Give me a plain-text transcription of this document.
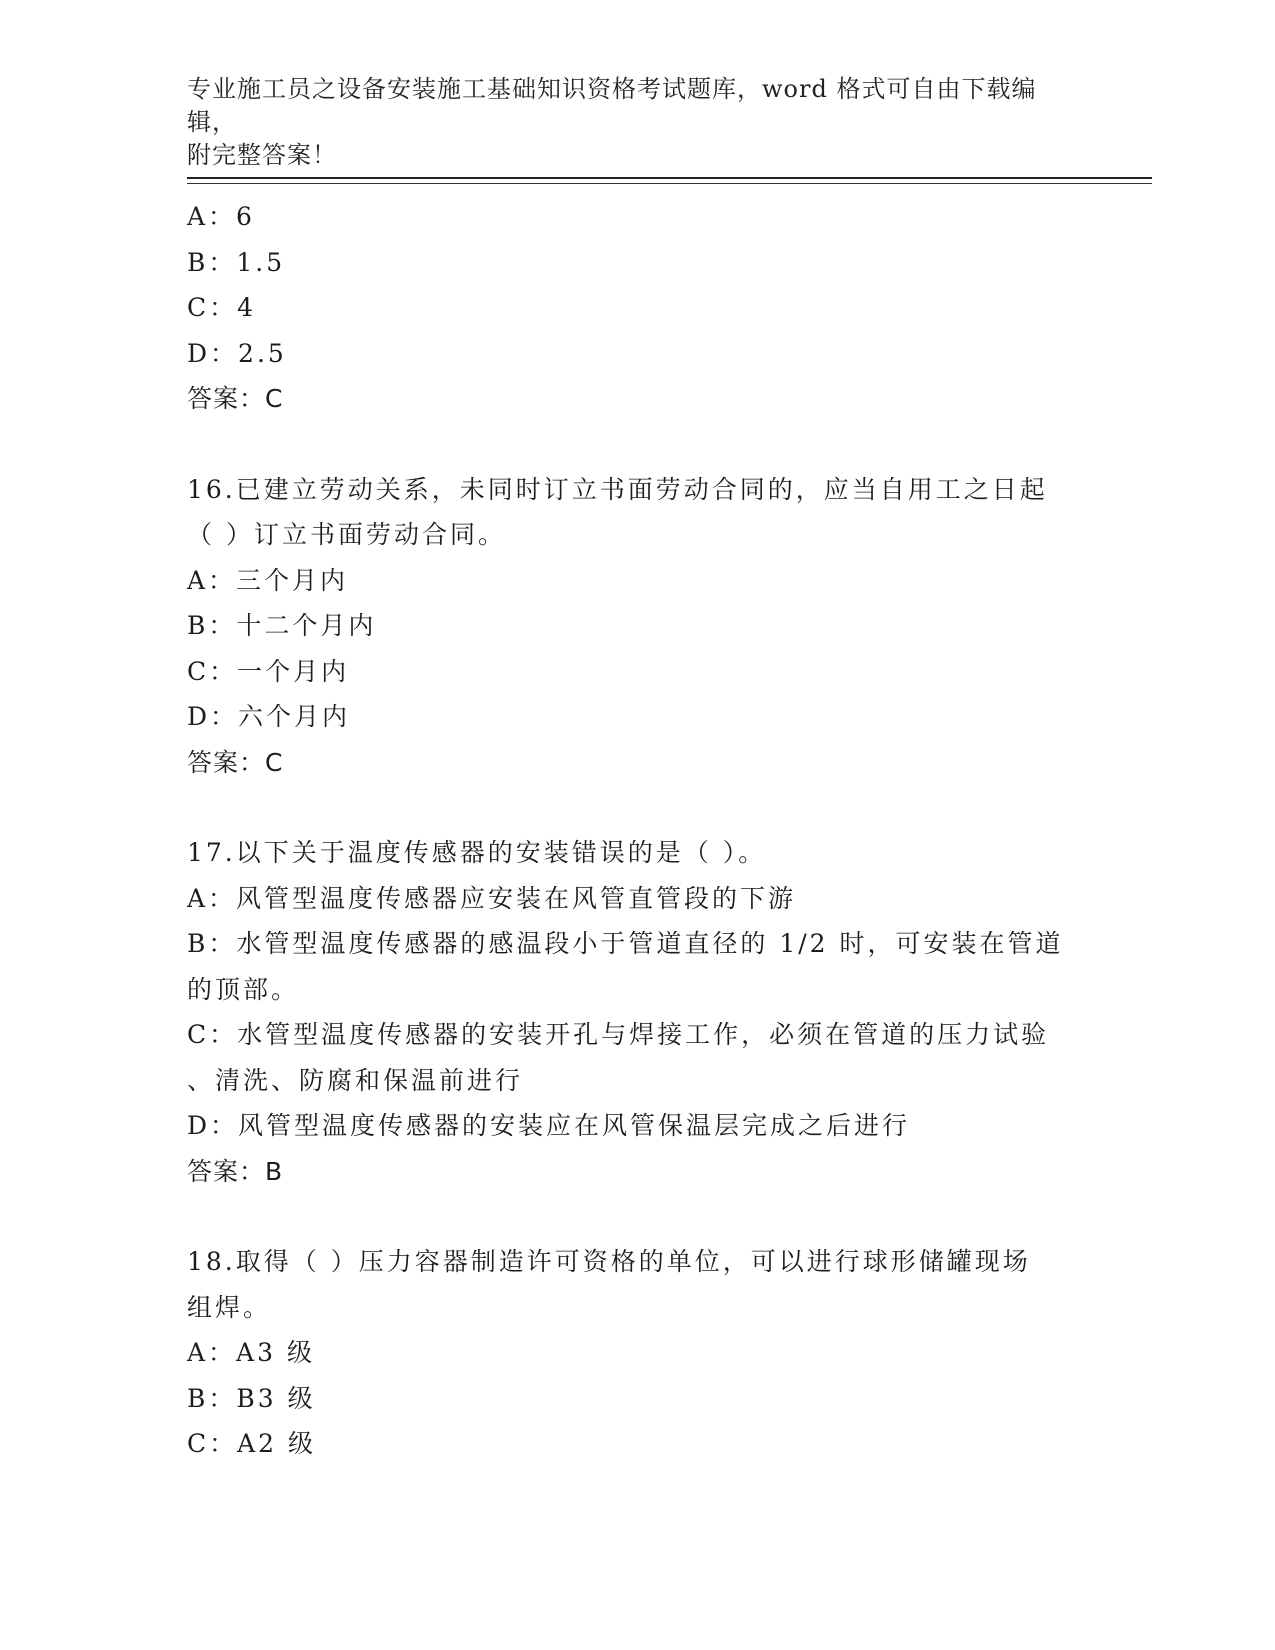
专业施工员之设备安装施工基础知识资格考试题库，word 格式可自由下载编辑，
附完整答案！
A：6
B：1.5
C：4
D：2.5
答案：C
16.已建立劳动关系，未同时订立书面劳动合同的，应当自用工之日起
（ ）订立书面劳动合同。
A：三个月内
B：十二个月内
C：一个月内
D：六个月内
答案：C
17.以下关于温度传感器的安装错误的是（ ）。
A：风管型温度传感器应安装在风管直管段的下游
B：水管型温度传感器的感温段小于管道直径的 1/2 时，可安装在管道
的顶部。
C：水管型温度传感器的安装开孔与焊接工作，必须在管道的压力试验
、清洗、防腐和保温前进行
D：风管型温度传感器的安装应在风管保温层完成之后进行
答案：B
18.取得（ ）压力容器制造许可资格的单位，可以进行球形储罐现场
组焊。
A：A3 级
B：B3 级
C：A2 级
